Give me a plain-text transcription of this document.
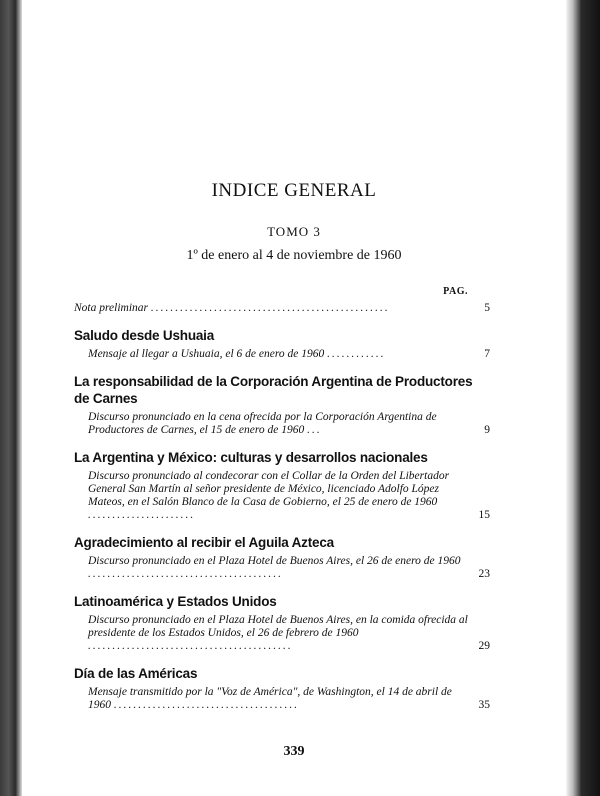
INDICE GENERAL
TOMO 3
1º de enero al 4 de noviembre de 1960
PAG.
Nota preliminar .................................................	5
Saludo desde Ushuaia
Mensaje al llegar a Ushuaia, el 6 de enero de 1960 ............	7
La responsabilidad de la Corporación Argentina de Productores de Carnes
Discurso pronunciado en la cena ofrecida por la Corporación Argentina de Productores de Carnes, el 15 de enero de 1960 ...	9
La Argentina y México: culturas y desarrollos nacionales
Discurso pronunciado al condecorar con el Collar de la Orden del Libertador General San Martín al señor presidente de México, licenciado Adolfo López Mateos, en el Salón Blanco de la Casa de Gobierno, el 25 de enero de 1960 ......................	15
Agradecimiento al recibir el Aguila Azteca
Discurso pronunciado en el Plaza Hotel de Buenos Aires, el 26 de enero de 1960 ........................................	23
Latinoamérica y Estados Unidos
Discurso pronunciado en el Plaza Hotel de Buenos Aires, en la comida ofrecida al presidente de los Estados Unidos, el 26 de febrero de 1960 ..........................................	29
Día de las Américas
Mensaje transmitido por la "Voz de América", de Washington, el 14 de abril de 1960 ......................................	35
339
